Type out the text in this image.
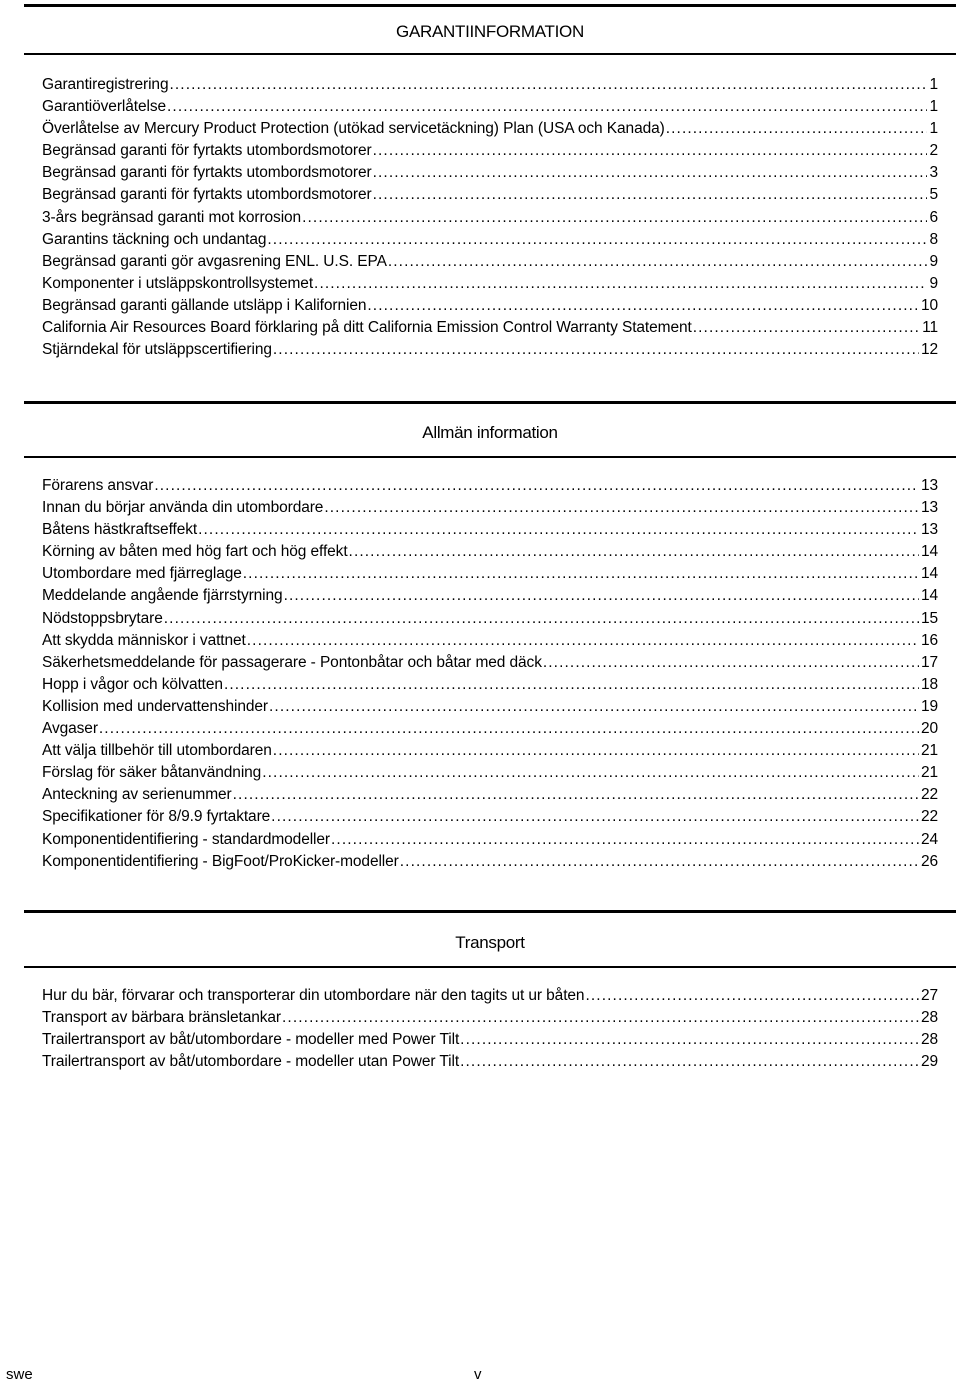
GARANTIINFORMATION
Garantiregistrering . . .	1
Garantiöverlåtelse . . .	1
Överlåtelse av Mercury Product Protection (utökad servicetäckning) Plan (USA och Kanada) . . .	1
Begränsad garanti för fyrtakts utombordsmotorer . . .	2
Begränsad garanti för fyrtakts utombordsmotorer . . .	3
Begränsad garanti för fyrtakts utombordsmotorer . . .	5
3-års begränsad garanti mot korrosion . . .	6
Garantins täckning och undantag . . .	8
Begränsad garanti gör avgasrening ENL. U.S. EPA . . .	9
Komponenter i utsläppskontrollsystemet . . .	9
Begränsad garanti gällande utsläpp i Kalifornien . . .	10
California Air Resources Board förklaring på ditt California Emission Control Warranty Statement . . .	11
Stjärndekal för utsläppscertifiering . . .	12
Allmän information
Förarens ansvar . . .	13
Innan du börjar använda din utombordare . . .	13
Båtens hästkraftseffekt . . .	13
Körning av båten med hög fart och hög effekt . . .	14
Utombordare med fjärreglage . . .	14
Meddelande angående fjärrstyrning . . .	14
Nödstoppsbrytare . . .	15
Att skydda människor i vattnet . . .	16
Säkerhetsmeddelande för passagerare - Pontonbåtar och båtar med däck . . .	17
Hopp i vågor och kölvatten . . .	18
Kollision med undervattenshinder . . .	19
Avgaser . . .	20
Att välja tillbehör till utombordaren . . .	21
Förslag för säker båtanvändning . . .	21
Anteckning av serienummer . . .	22
Specifikationer för 8/9.9 fyrtaktare . . .	22
Komponentidentifiering - standardmodeller . . .	24
Komponentidentifiering - BigFoot/ProKicker-modeller . . .	26
Transport
Hur du bär, förvarar och transporterar din utombordare när den tagits ut ur båten . . .	27
Transport av bärbara bränsletankar . . .	28
Trailertransport av båt/utombordare - modeller med Power Tilt . . .	28
Trailertransport av båt/utombordare - modeller utan Power Tilt . . .	29
swe	v
